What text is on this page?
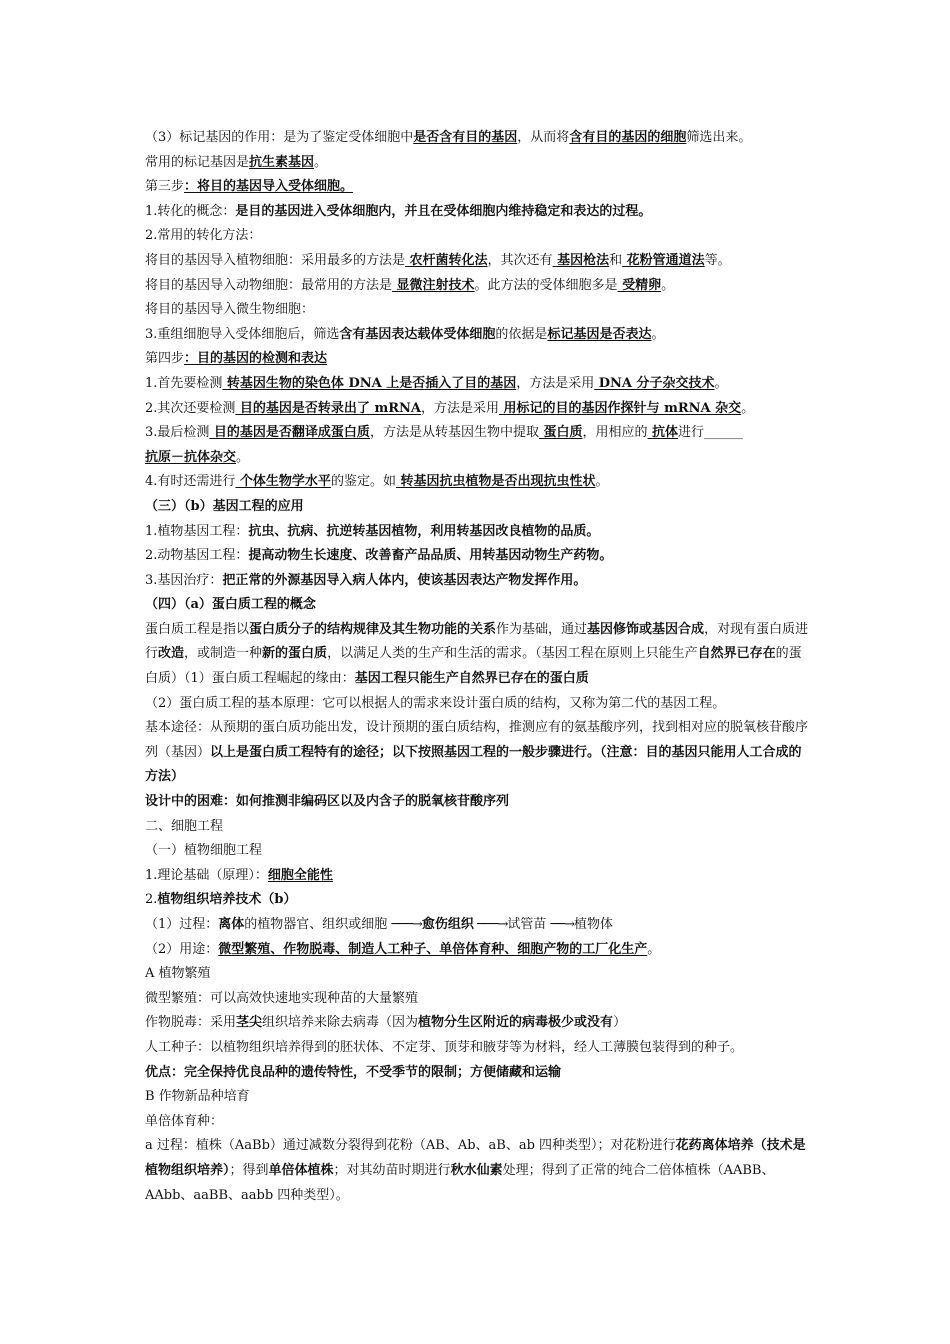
（3）标记基因的作用：是为了鉴定受体细胞中是否含有目的基因，从而将含有目的基因的细胞筛选出来。
常用的标记基因是抗生素基因。
第三步：将目的基因导入受体细胞。
1.转化的概念：是目的基因进入受体细胞内，并且在受体细胞内维持稳定和表达的过程。
2.常用的转化方法：
将目的基因导入植物细胞：采用最多的方法是 农杆菌转化法，其次还有 基因枪法和 花粉管通道法等。
将目的基因导入动物细胞：最常用的方法是 显微注射技术。此方法的受体细胞多是 受精卵。
将目的基因导入微生物细胞：
3.重组细胞导入受体细胞后，筛选含有基因表达载体受体细胞的依据是标记基因是否表达。
第四步：目的基因的检测和表达
1.首先要检测 转基因生物的染色体 DNA 上是否插入了目的基因，方法是采用 DNA 分子杂交技术。
2.其次还要检测 目的基因是否转录出了 mRNA，方法是采用 用标记的目的基因作探针与 mRNA 杂交。
3.最后检测 目的基因是否翻译成蛋白质，方法是从转基因生物中提取 蛋白质，用相应的 抗体进行______
抗原－抗体杂交。
4.有时还需进行 个体生物学水平的鉴定。如 转基因抗虫植物是否出现抗虫性状。
（三）（b）基因工程的应用
1.植物基因工程：抗虫、抗病、抗逆转基因植物，利用转基因改良植物的品质。
2.动物基因工程：提高动物生长速度、改善畜产品品质、用转基因动物生产药物。
3.基因治疗：把正常的外源基因导入病人体内，使该基因表达产物发挥作用。
（四）（a）蛋白质工程的概念
蛋白质工程是指以蛋白质分子的结构规律及其生物功能的关系作为基础，通过基因修饰或基因合成，对现有蛋白质进行改造，或制造一种新的蛋白质，以满足人类的生产和生活的需求。（基因工程在原则上只能生产自然界已存在的蛋白质）（1）蛋白质工程崛起的缘由：基因工程只能生产自然界已存在的蛋白质
（2）蛋白质工程的基本原理：它可以根据人的需求来设计蛋白质的结构，又称为第二代的基因工程。
基本途径：从预期的蛋白质功能出发，设计预期的蛋白质结构，推测应有的氨基酸序列，找到相对应的脱氧核苷酸序列（基因）以上是蛋白质工程特有的途径；以下按照基因工程的一般步骤进行。（注意：目的基因只能用人工合成的方法）
设计中的困难：如何推测非编码区以及内含子的脱氧核苷酸序列
二、细胞工程
（一）植物细胞工程
1.理论基础（原理）：细胞全能性
2.植物组织培养技术（b）
（1）过程：离体的植物器官、组织或细胞 ───→愈伤组织 ───→试管苗 ──→植物体
（2）用途：微型繁殖、作物脱毒、制造人工种子、单倍体育种、细胞产物的工厂化生产。
A 植物繁殖
微型繁殖：可以高效快速地实现种苗的大量繁殖
作物脱毒：采用茎尖组织培养来除去病毒（因为植物分生区附近的病毒极少或没有）
人工种子：以植物组织培养得到的胚状体、不定芽、顶芽和腋芽等为材料，经人工薄膜包装得到的种子。
优点：完全保持优良品种的遗传特性，不受季节的限制；方便储藏和运输
B 作物新品种培育
单倍体育种：
a 过程：植株（AaBb）通过减数分裂得到花粉（AB、Ab、aB、ab 四种类型）；对花粉进行花药离体培养（技术是植物组织培养）；得到单倍体植株；对其幼苗时期进行秋水仙素处理；得到了正常的纯合二倍体植株（AABB、AAbb、aaBB、aabb 四种类型）。
